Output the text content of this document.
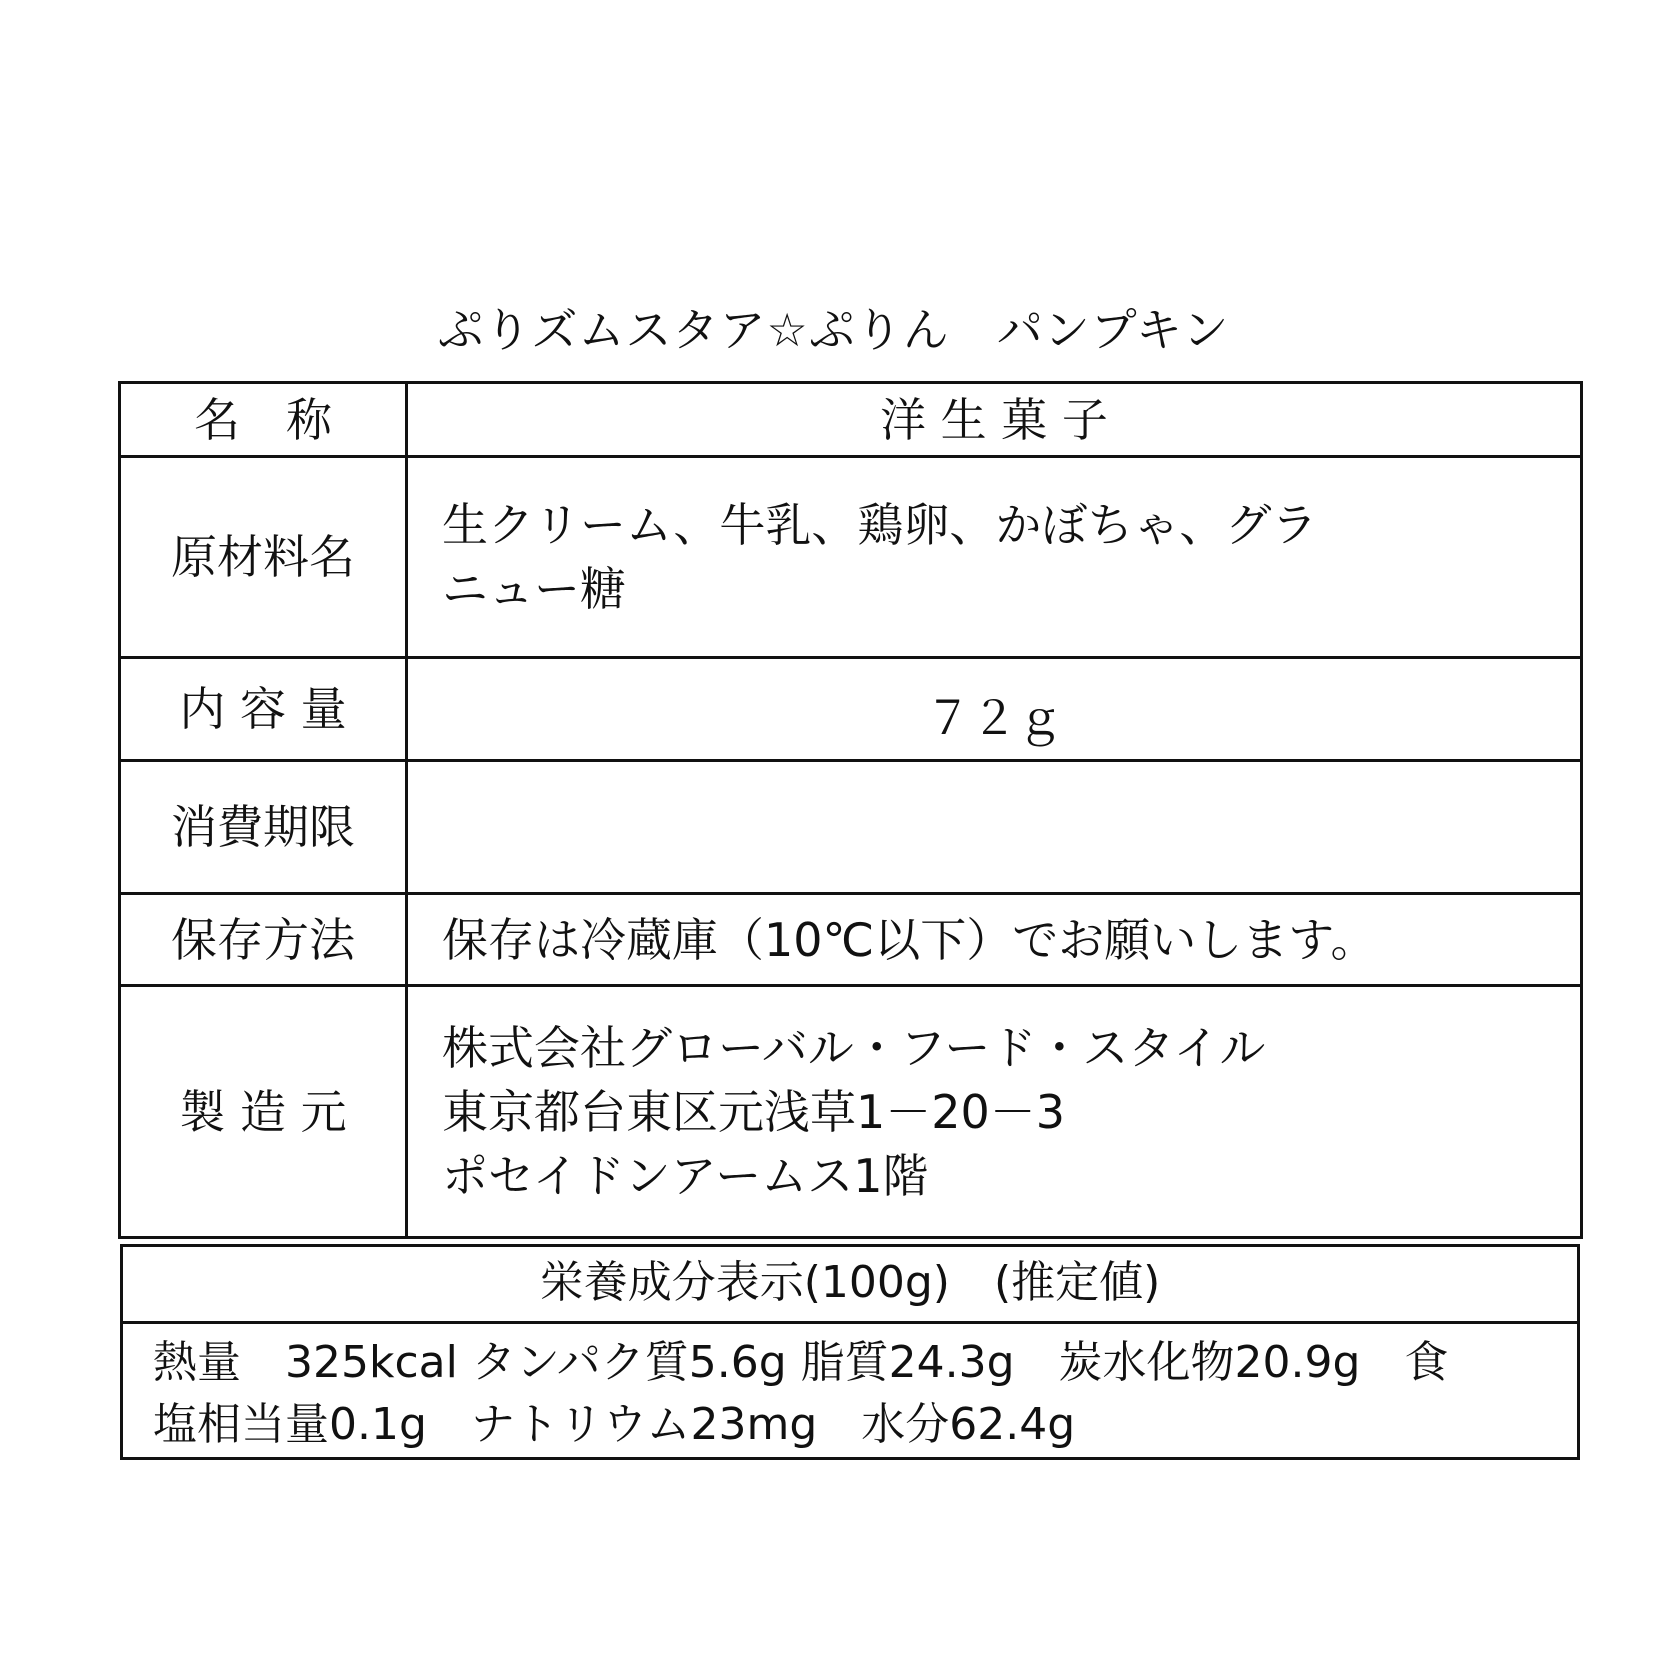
ぷりズムスタア☆ぷりん　パンプキン
名　称	洋 生 菓 子
原材料名	生クリーム、牛乳、鶏卵、かぼちゃ、グラ
ニュー糖

内 容 量	７２ｇ
消費期限	
保存方法	保存は冷蔵庫（10℃以下）でお願いします。
製 造 元	株式会社グローバル・フード・スタイル
東京都台東区元浅草1－20－3
ポセイドンアームス1階
栄養成分表示(100g)　(推定値)
熱量　325kcal タンパク質5.6g 脂質24.3g　炭水化物20.9g　食
塩相当量0.1g　ナトリウム23mg　水分62.4g
